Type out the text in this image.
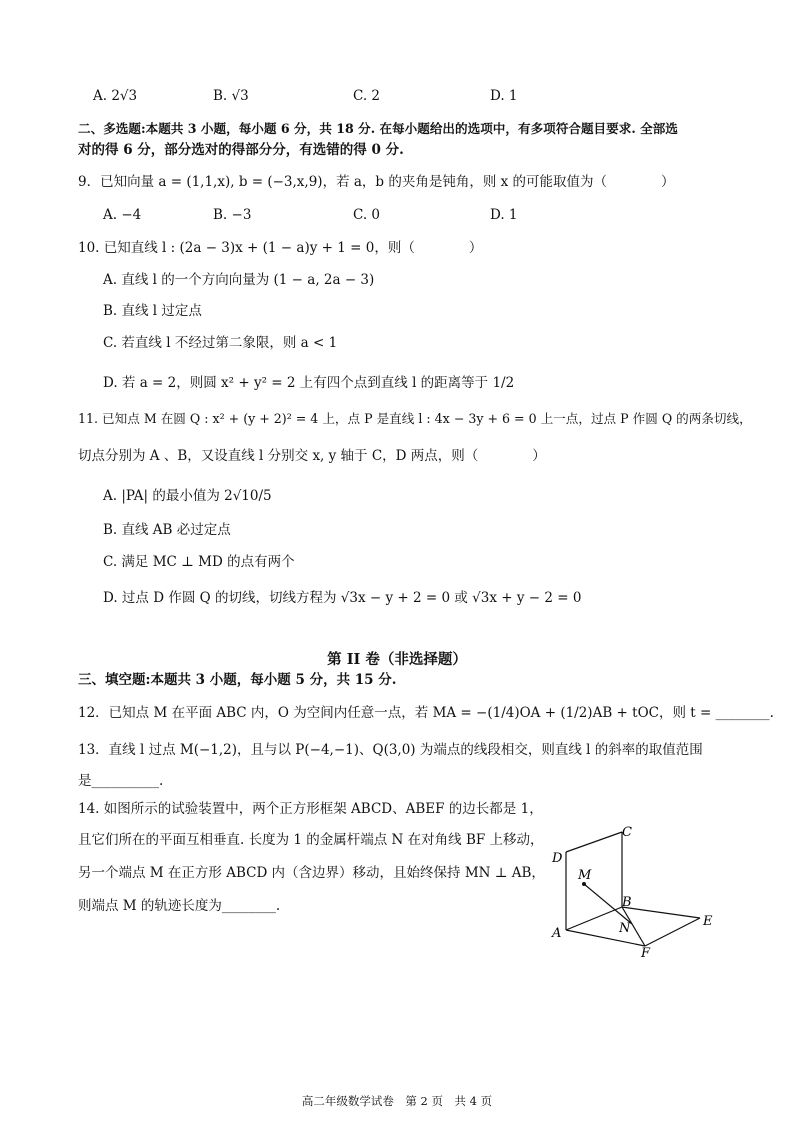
A. 2√3	B. √3	C. 2	D. 1
二、多选题:本题共 3 小题，每小题 6 分，共 18 分. 在每小题给出的选项中，有多项符合题目要求. 全部选
对的得 6 分，部分选对的得部分分，有选错的得 0 分.
9．已知向量 a = (1,1,x), b = (−3,x,9)，若 a，b 的夹角是钝角，则 x 的可能取值为（　　　　）
A. −4	B. −3	C. 0	D. 1
10. 已知直线 l : (2a − 3)x + (1 − a)y + 1 = 0，则（　　　　）
A. 直线 l 的一个方向向量为 (1 − a, 2a − 3)
B. 直线 l 过定点
C. 若直线 l 不经过第二象限，则 a < 1
D. 若 a = 2，则圆 x² + y² = 2 上有四个点到直线 l 的距离等于 1/2
11. 已知点 M 在圆 Q : x² + (y + 2)² = 4 上，点 P 是直线 l : 4x − 3y + 6 = 0 上一点，过点 P 作圆 Q 的两条切线，
切点分别为 A 、B，又设直线 l 分别交 x, y 轴于 C，D 两点，则（　　　　）
A. |PA| 的最小值为 2√10/5
B. 直线 AB 必过定点
C. 满足 MC ⊥ MD 的点有两个
D. 过点 D 作圆 Q 的切线，切线方程为 √3x − y + 2 = 0 或 √3x + y − 2 = 0
第 II 卷（非选择题）
三、填空题:本题共 3 小题，每小题 5 分，共 15 分.
12．已知点 M 在平面 ABC 内，O 为空间内任意一点，若 MA = −(1/4)OA + (1/2)AB + tOC，则 t = ________.
13．直线 l 过点 M(−1,2)，且与以 P(−4,−1)、Q(3,0) 为端点的线段相交，则直线 l 的斜率的取值范围
是__________.
14. 如图所示的试验装置中，两个正方形框架 ABCD、ABEF 的边长都是 1，
且它们所在的平面互相垂直. 长度为 1 的金属杆端点 N 在对角线 BF 上移动，
另一个端点 M 在正方形 ABCD 内（含边界）移动，且始终保持 MN ⊥ AB，
则端点 M 的轨迹长度为________.
D
C
M
B
A	N	E
F
高二年级数学试卷　第 2 页　共 4 页
